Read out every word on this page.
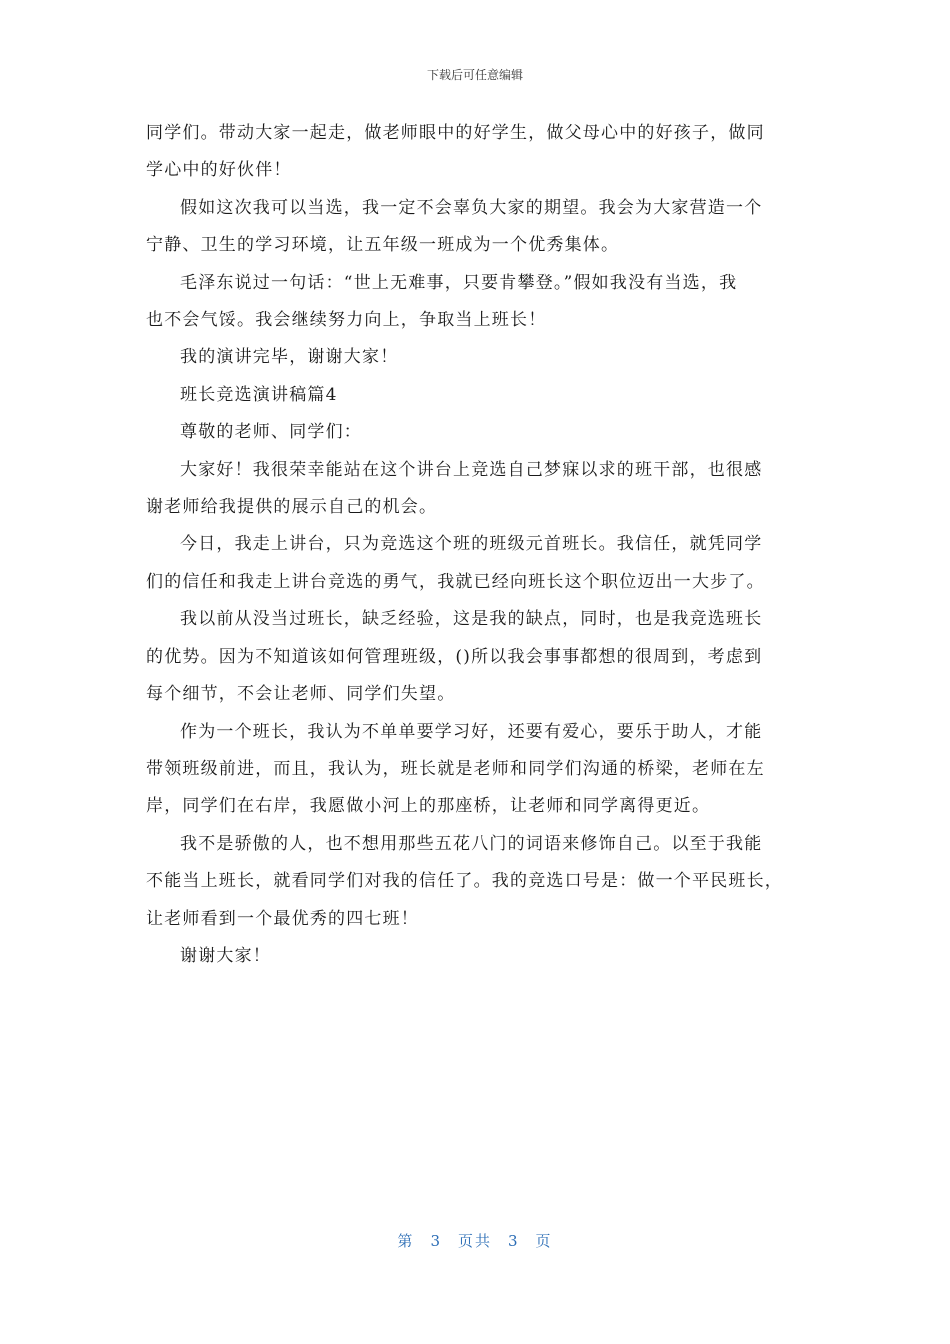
下载后可任意编辑

同学们。带动大家一起走，做老师眼中的好学生，做父母心中的好孩子，做同
学心中的好伙伴！

假如这次我可以当选，我一定不会辜负大家的期望。我会为大家营造一个
宁静、卫生的学习环境，让五年级一班成为一个优秀集体。

毛泽东说过一句话：“世上无难事，只要肯攀登。”假如我没有当选，我
也不会气馁。我会继续努力向上，争取当上班长！

我的演讲完毕，谢谢大家！

班长竞选演讲稿篇4

尊敬的老师、同学们：

大家好！我很荣幸能站在这个讲台上竞选自己梦寐以求的班干部，也很感
谢老师给我提供的展示自己的机会。

今日，我走上讲台，只为竞选这个班的班级元首班长。我信任，就凭同学
们的信任和我走上讲台竞选的勇气，我就已经向班长这个职位迈出一大步了。

我以前从没当过班长，缺乏经验，这是我的缺点，同时，也是我竞选班长
的优势。因为不知道该如何管理班级，()所以我会事事都想的很周到，考虑到
每个细节，不会让老师、同学们失望。

作为一个班长，我认为不单单要学习好，还要有爱心，要乐于助人，才能
带领班级前进，而且，我认为，班长就是老师和同学们沟通的桥梁，老师在左
岸，同学们在右岸，我愿做小河上的那座桥，让老师和同学离得更近。

我不是骄傲的人，也不想用那些五花八门的词语来修饰自己。以至于我能
不能当上班长，就看同学们对我的信任了。我的竞选口号是：做一个平民班长，
让老师看到一个最优秀的四七班！

谢谢大家！

第 3 页共 3 页
